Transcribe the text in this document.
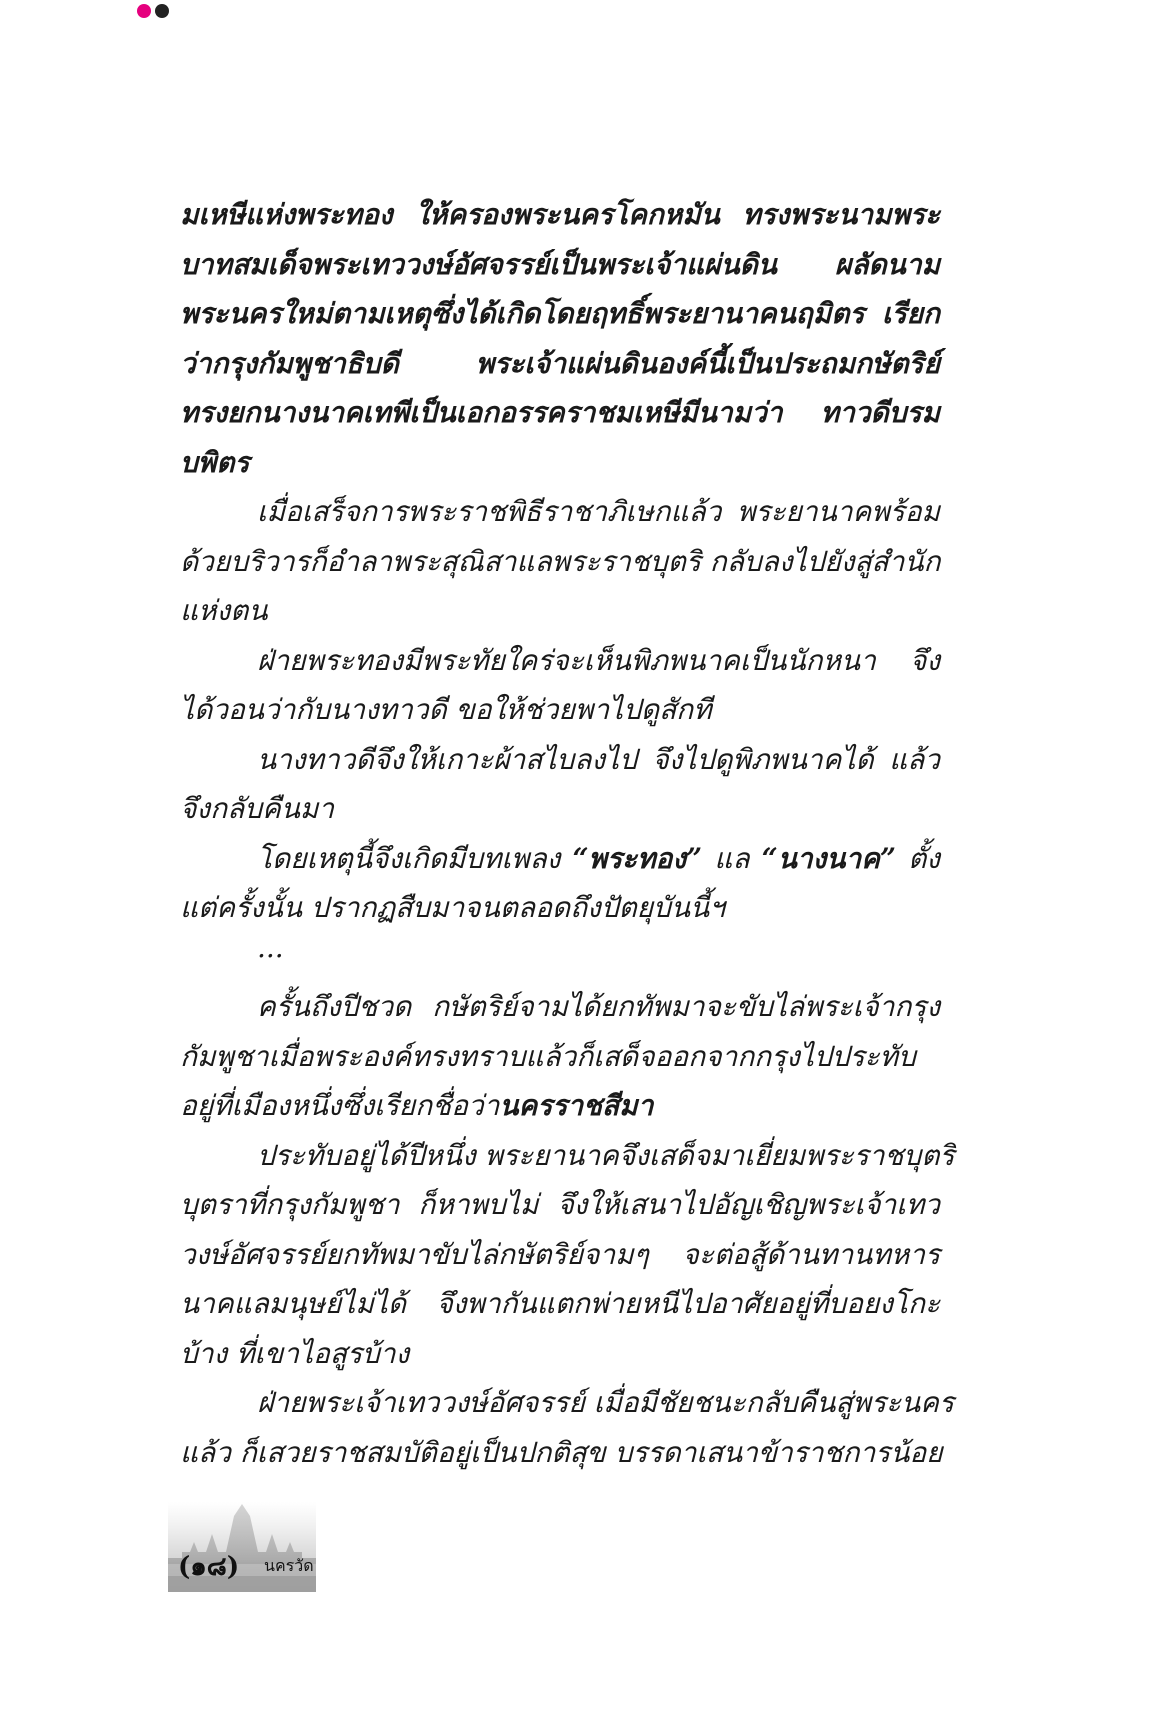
มเหษีแห่งพระทอง ให้ครองพระนครโคกหมัน ทรงพระนามพระ
บาทสมเด็จพระเทววงษ์อัศจรรย์เป็นพระเจ้าแผ่นดิน ผลัดนาม
พระนครใหม่ตามเหตุซึ่งได้เกิดโดยฤทธิ์พระยานาคนฤมิตร เรียก
ว่ากรุงกัมพูชาธิบดี พระเจ้าแผ่นดินองค์นี้เป็นประถมกษัตริย์
ทรงยกนางนาคเทพีเป็นเอกอรรคราชมเหษีมีนามว่า ทาวดีบรม
บพิตร
เมื่อเสร็จการพระราชพิธีราชาภิเษกแล้ว พระยานาคพร้อม
ด้วยบริวารก็อำลาพระสุณิสาแลพระราชบุตริ กลับลงไปยังสู่สำนัก
แห่งตน
ฝ่ายพระทองมีพระทัยใคร่จะเห็นพิภพนาคเป็นนักหนา จึง
ได้วอนว่ากับนางทาวดี ขอให้ช่วยพาไปดูสักที
นางทาวดีจึงให้เกาะผ้าสไบลงไป จึงไปดูพิภพนาคได้ แล้ว
จึงกลับคืนมา
โดยเหตุนี้จึงเกิดมีบทเพลง “พระทอง” แล “นางนาค” ตั้ง
แต่ครั้งนั้น ปรากฏสืบมาจนตลอดถึงปัตยุบันนี้ฯ
...
ครั้นถึงปีชวด กษัตริย์จามได้ยกทัพมาจะขับไล่พระเจ้ากรุง
กัมพูชาเมื่อพระองค์ทรงทราบแล้วก็เสด็จออกจากกรุงไปประทับ
อยู่ที่เมืองหนึ่งซึ่งเรียกชื่อว่านครราชสีมา
ประทับอยู่ได้ปีหนึ่ง พระยานาคจึงเสด็จมาเยี่ยมพระราชบุตริ
บุตราที่กรุงกัมพูชา ก็หาพบไม่ จึงให้เสนาไปอัญเชิญพระเจ้าเทว
วงษ์อัศจรรย์ยกทัพมาขับไล่กษัตริย์จามๆ จะต่อสู้ด้านทานทหาร
นาคแลมนุษย์ไม่ได้ จึงพากันแตกพ่ายหนีไปอาศัยอยู่ที่บอยงโกะ
บ้าง ที่เขาไอสูรบ้าง
ฝ่ายพระเจ้าเทววงษ์อัศจรรย์ เมื่อมีชัยชนะกลับคืนสู่พระนคร
แล้ว ก็เสวยราชสมบัติอยู่เป็นปกติสุข บรรดาเสนาข้าราชการน้อย
(๑๘) นครวัด
